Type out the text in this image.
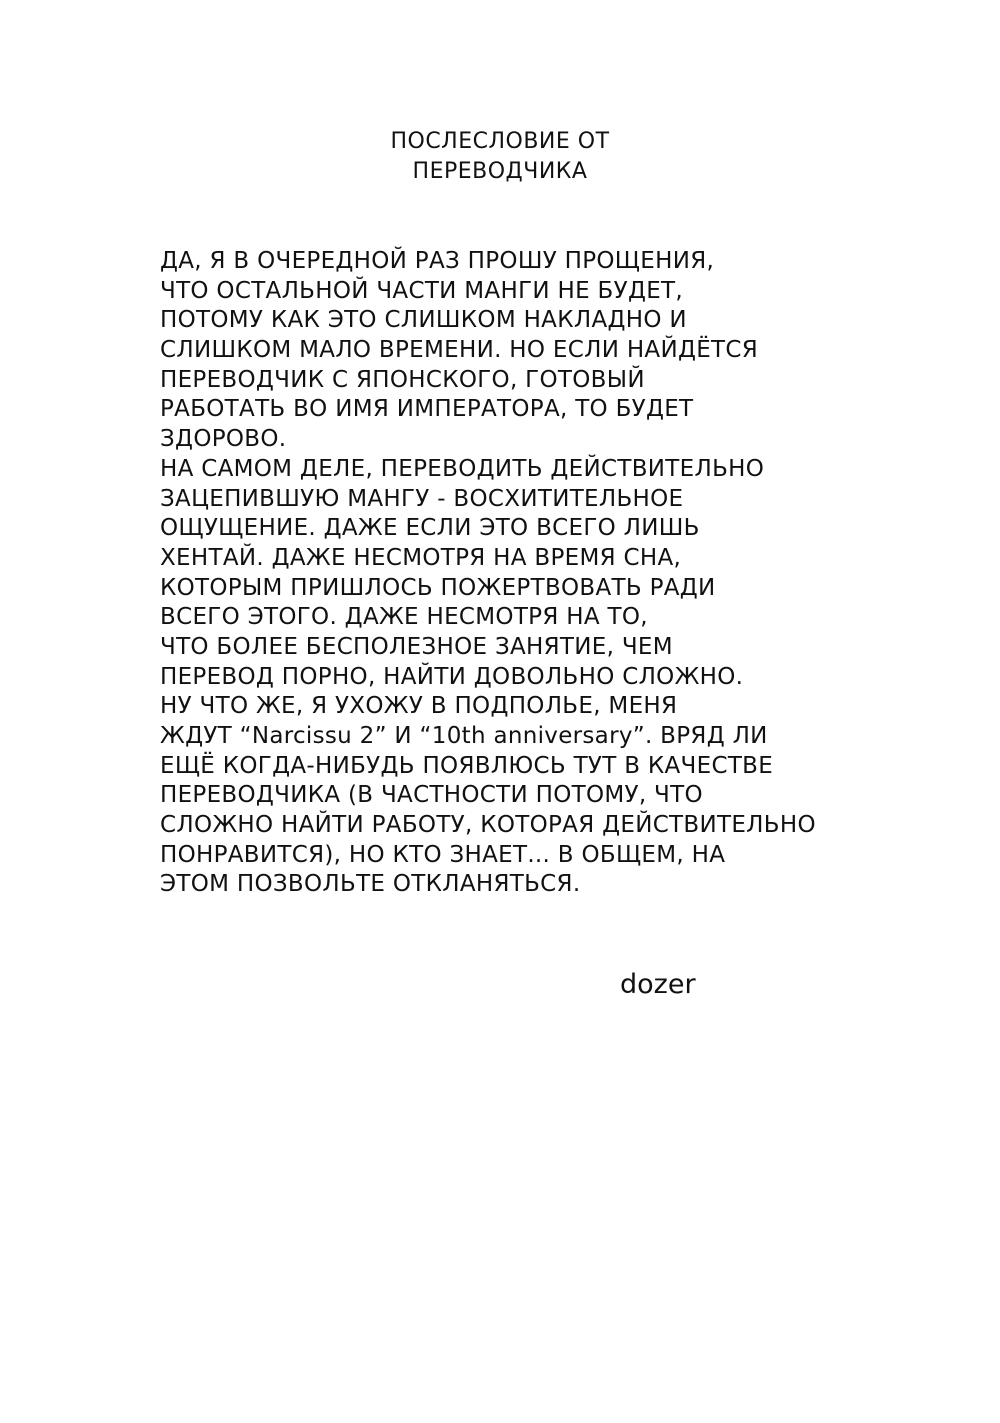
ПОСЛЕСЛОВИЕ ОТ
ПЕРЕВОДЧИКА
ДА, Я В ОЧЕРЕДНОЙ РАЗ ПРОШУ ПРОЩЕНИЯ,
ЧТО ОСТАЛЬНОЙ ЧАСТИ МАНГИ НЕ БУДЕТ,
ПОТОМУ КАК ЭТО СЛИШКОМ НАКЛАДНО И
СЛИШКОМ МАЛО ВРЕМЕНИ. НО ЕСЛИ НАЙДЁТСЯ
ПЕРЕВОДЧИК С ЯПОНСКОГО, ГОТОВЫЙ
РАБОТАТЬ ВО ИМЯ ИМПЕРАТОРА, ТО БУДЕТ
ЗДОРОВО.
НА САМОМ ДЕЛЕ, ПЕРЕВОДИТЬ ДЕЙСТВИТЕЛЬНО
ЗАЦЕПИВШУЮ МАНГУ - ВОСХИТИТЕЛЬНОЕ
ОЩУЩЕНИЕ. ДАЖЕ ЕСЛИ ЭТО ВСЕГО ЛИШЬ
ХЕНТАЙ. ДАЖЕ НЕСМОТРЯ НА ВРЕМЯ СНА,
КОТОРЫМ ПРИШЛОСЬ ПОЖЕРТВОВАТЬ РАДИ
ВСЕГО ЭТОГО. ДАЖЕ НЕСМОТРЯ НА ТО,
ЧТО БОЛЕЕ БЕСПОЛЕЗНОЕ ЗАНЯТИЕ, ЧЕМ
ПЕРЕВОД ПОРНО, НАЙТИ ДОВОЛЬНО СЛОЖНО.
НУ ЧТО ЖЕ, Я УХОЖУ В ПОДПОЛЬЕ, МЕНЯ
ЖДУТ “Narcissu 2” И “10th anniversary”. ВРЯД ЛИ
ЕЩЁ КОГДА-НИБУДЬ ПОЯВЛЮСЬ ТУТ В КАЧЕСТВЕ
ПЕРЕВОДЧИКА (В ЧАСТНОСТИ ПОТОМУ, ЧТО
СЛОЖНО НАЙТИ РАБОТУ, КОТОРАЯ ДЕЙСТВИТЕЛЬНО
ПОНРАВИТСЯ), НО КТО ЗНАЕТ... В ОБЩЕМ, НА
ЭТОМ ПОЗВОЛЬТЕ ОТКЛАНЯТЬСЯ.
dozer
